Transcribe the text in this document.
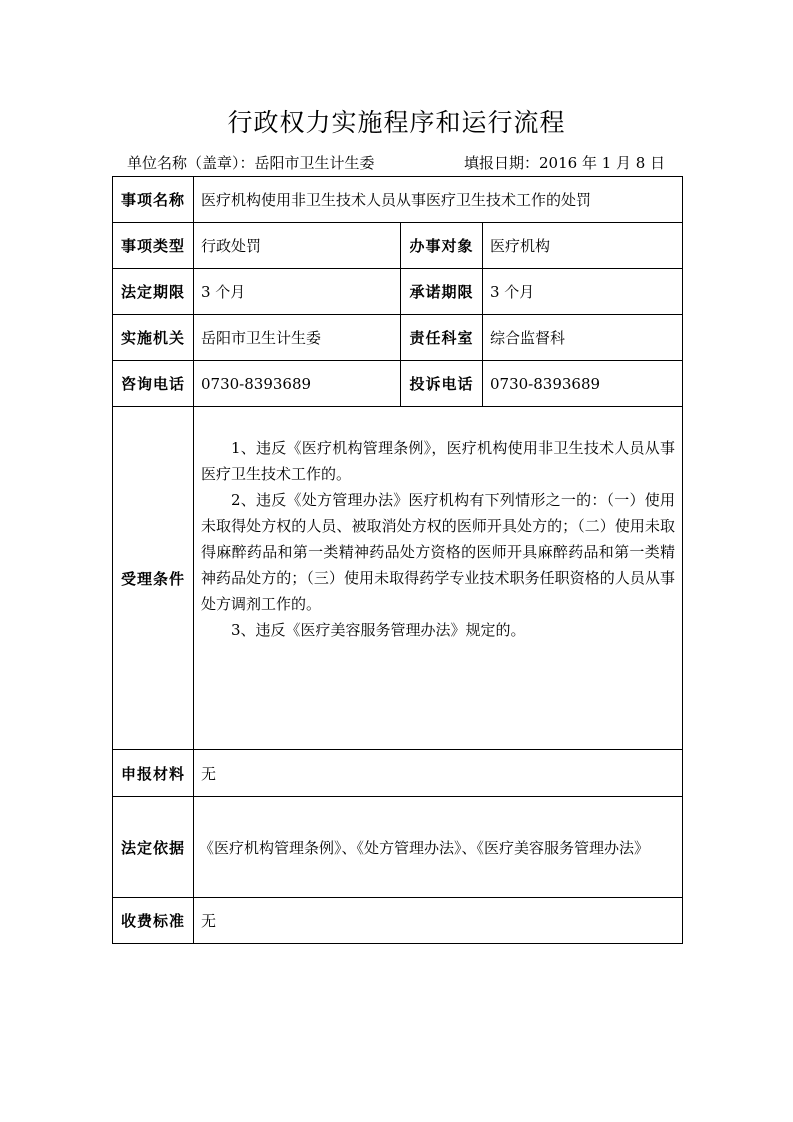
行政权力实施程序和运行流程
单位名称（盖章）：岳阳市卫生计生委	填报日期：2016 年 1 月 8 日
事项名称	医疗机构使用非卫生技术人员从事医疗卫生技术工作的处罚		
事项类型	行政处罚	办事对象	医疗机构
法定期限	3 个月	承诺期限	3 个月
实施机关	岳阳市卫生计生委	责任科室	综合监督科
咨询电话	0730-8393689	投诉电话	0730-8393689
受理条件	1、违反《医疗机构管理条例》，医疗机构使用非卫生技术人员从事医疗卫生技术工作的。

2、违反《处方管理办法》医疗机构有下列情形之一的：（一）使用未取得处方权的人员、被取消处方权的医师开具处方的；（二）使用未取得麻醉药品和第一类精神药品处方资格的医师开具麻醉药品和第一类精神药品处方的；（三）使用未取得药学专业技术职务任职资格的人员从事处方调剂工作的。

3、违反《医疗美容服务管理办法》规定的。		

申报材料	无		
法定依据	《医疗机构管理条例》、《处方管理办法》、《医疗美容服务管理办法》		
收费标准	无		
